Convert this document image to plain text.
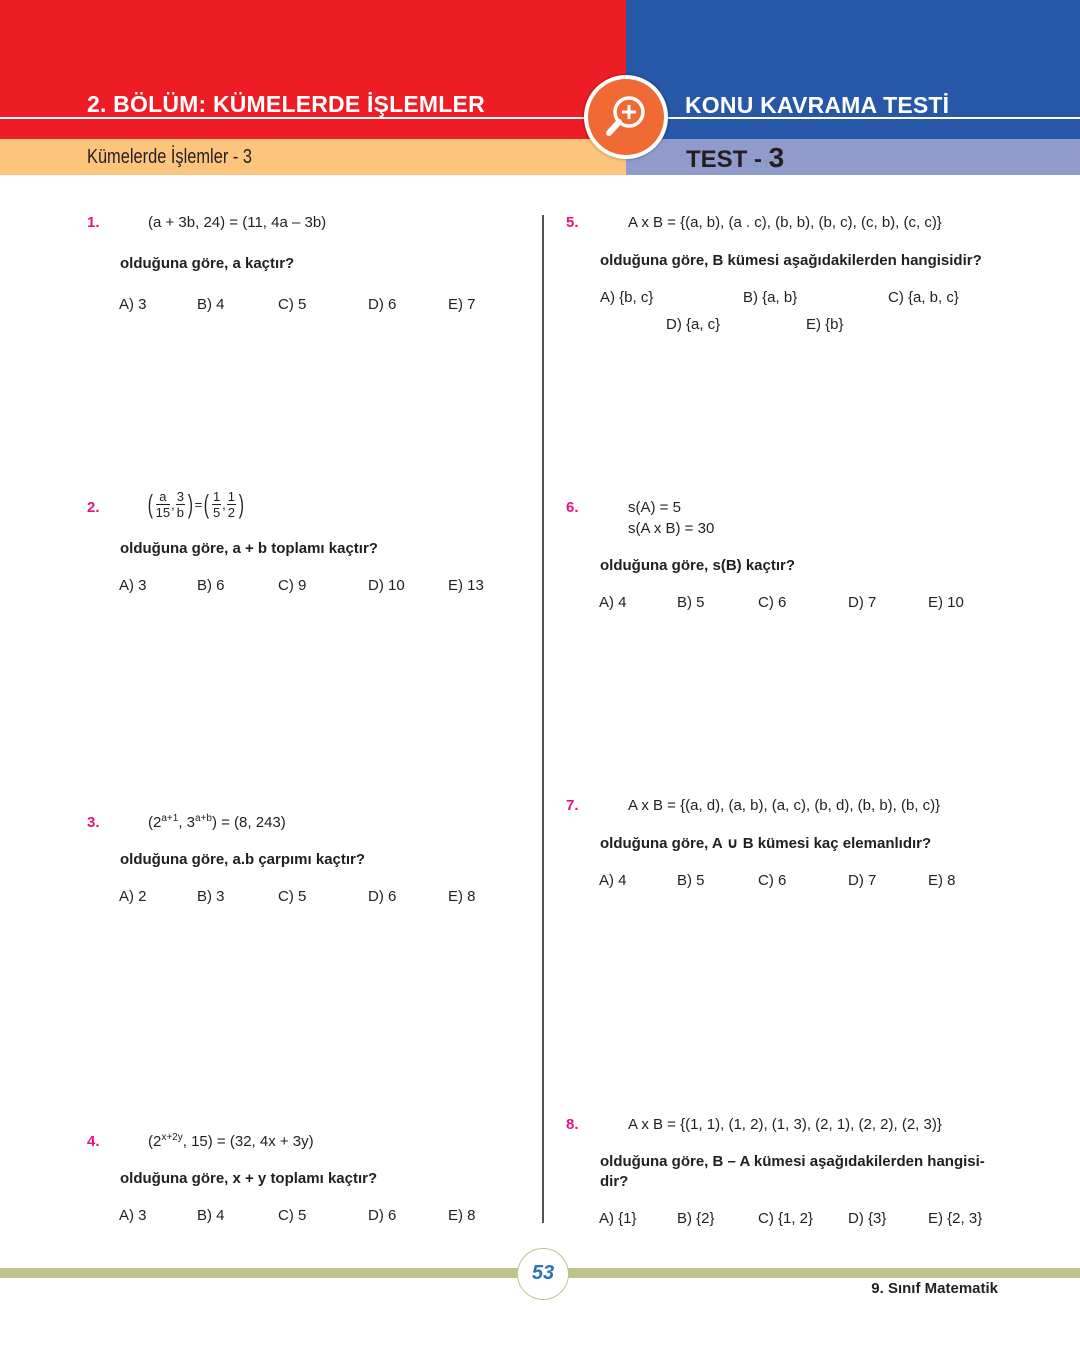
2. BÖLÜM: KÜMELERDE İŞLEMLER	KONU KAVRAMA TESTİ
Kümelerde İşlemler - 3	TEST - 3
1.	(a + 3b, 24) = (11, 4a – 3b)
olduğuna göre, a kaçtır?
A) 3	B) 4	C) 5	D) 6	E) 7
2. ( $\frac{a}{15}$ , $\frac{3}{b}$ ) =( $\frac{1}{5}$ , $\frac{1}{2}$ )
olduğuna göre, a + b toplamı kaçtır?
A) 3	B) 6	C) 9	D) 10	E) 13
3.	($2^{a+1}$, $3^{a+b}) = (8$, 243)
olduğuna göre, a.b çarpımı kaçtır?
A) 2	B) 3	C) 5	D) 6	E) 8
4.	($2^{x+2y}$, 15) = (32, 4x + 3y)
olduğuna göre, x + y toplamı kaçtır?
A) 3	B) 4	C) 5	D) 6	E) 8
5.	A x B = {(a, b), (a . c), (b, b), (b, c), (c, b), (c, c)}
olduğuna göre, B kümesi aşağıdakilerden hangisidir?
A) {b, c}	B) {a, b}	C) {a, b, c}
D) {a, c}	E) {b}
6.	s(A) = 5
s(A x B) = 30
olduğuna göre, s(B) kaçtır?
A) 4	B) 5	C) 6	D) 7	E) 10
7.	A x B = {(a, d), (a, b), (a, c), (b, d), (b, b), (b, c)}
olduğuna göre, A ∪ B kümesi kaç elemanlıdır?
A) 4	B) 5	C) 6	D) 7	E) 8
8.	A x B = {(1, 1), (1, 2), (1, 3), (2, 1), (2, 2), (2, 3)}
olduğuna göre, B – A kümesi aşağıdakilerden hangisi-
dir?
A) {1}	B) {2}	C) {1, 2} D) {3}	E) {2, 3}
53
9. Sınıf Matematik
